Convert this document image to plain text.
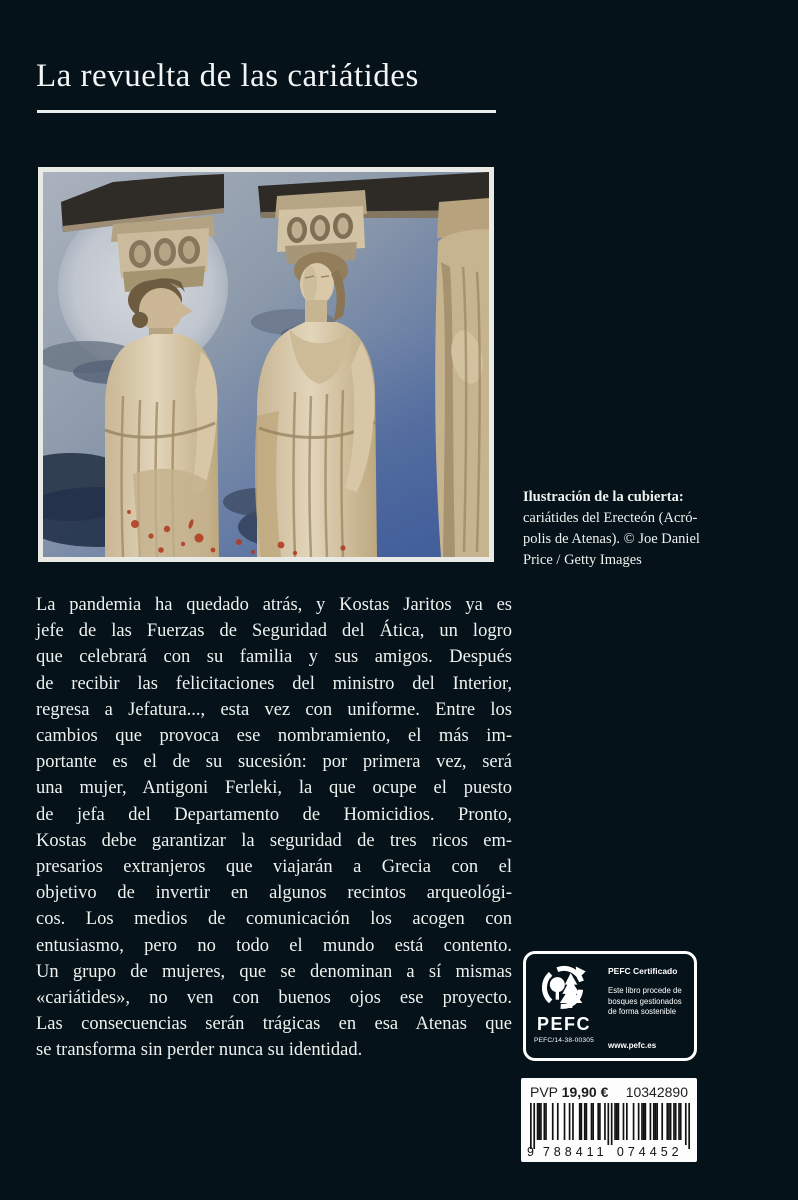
La revuelta de las cariátides
Ilustración de la cubierta:
cariátides del Erecteón (Acró-
polis de Atenas). © Joe Daniel
Price / Getty Images
La pandemia ha quedado atrás, y Kostas Jaritos ya es
jefe de las Fuerzas de Seguridad del Ática, un logro
que celebrará con su familia y sus amigos. Después
de recibir las felicitaciones del ministro del Interior,
regresa a Jefatura..., esta vez con uniforme. Entre los
cambios que provoca ese nombramiento, el más im-
portante es el de su sucesión: por primera vez, será
una mujer, Antigoni Ferleki, la que ocupe el puesto
de jefa del Departamento de Homicidios. Pronto,
Kostas debe garantizar la seguridad de tres ricos em-
presarios extranjeros que viajarán a Grecia con el
objetivo de invertir en algunos recintos arqueológi-
cos. Los medios de comunicación los acogen con
entusiasmo, pero no todo el mundo está contento.
Un grupo de mujeres, que se denominan a sí mismas
«cariátides», no ven con buenos ojos ese proyecto.
Las consecuencias serán trágicas en esa Atenas que
se transforma sin perder nunca su identidad.
PEFC
PEFC/14-38-00305
PEFC Certificado
Este libro procede de
bosques gestionados
de forma sostenible
www.pefc.es
PVP 19,90 € 10342890
9 788411 074452
